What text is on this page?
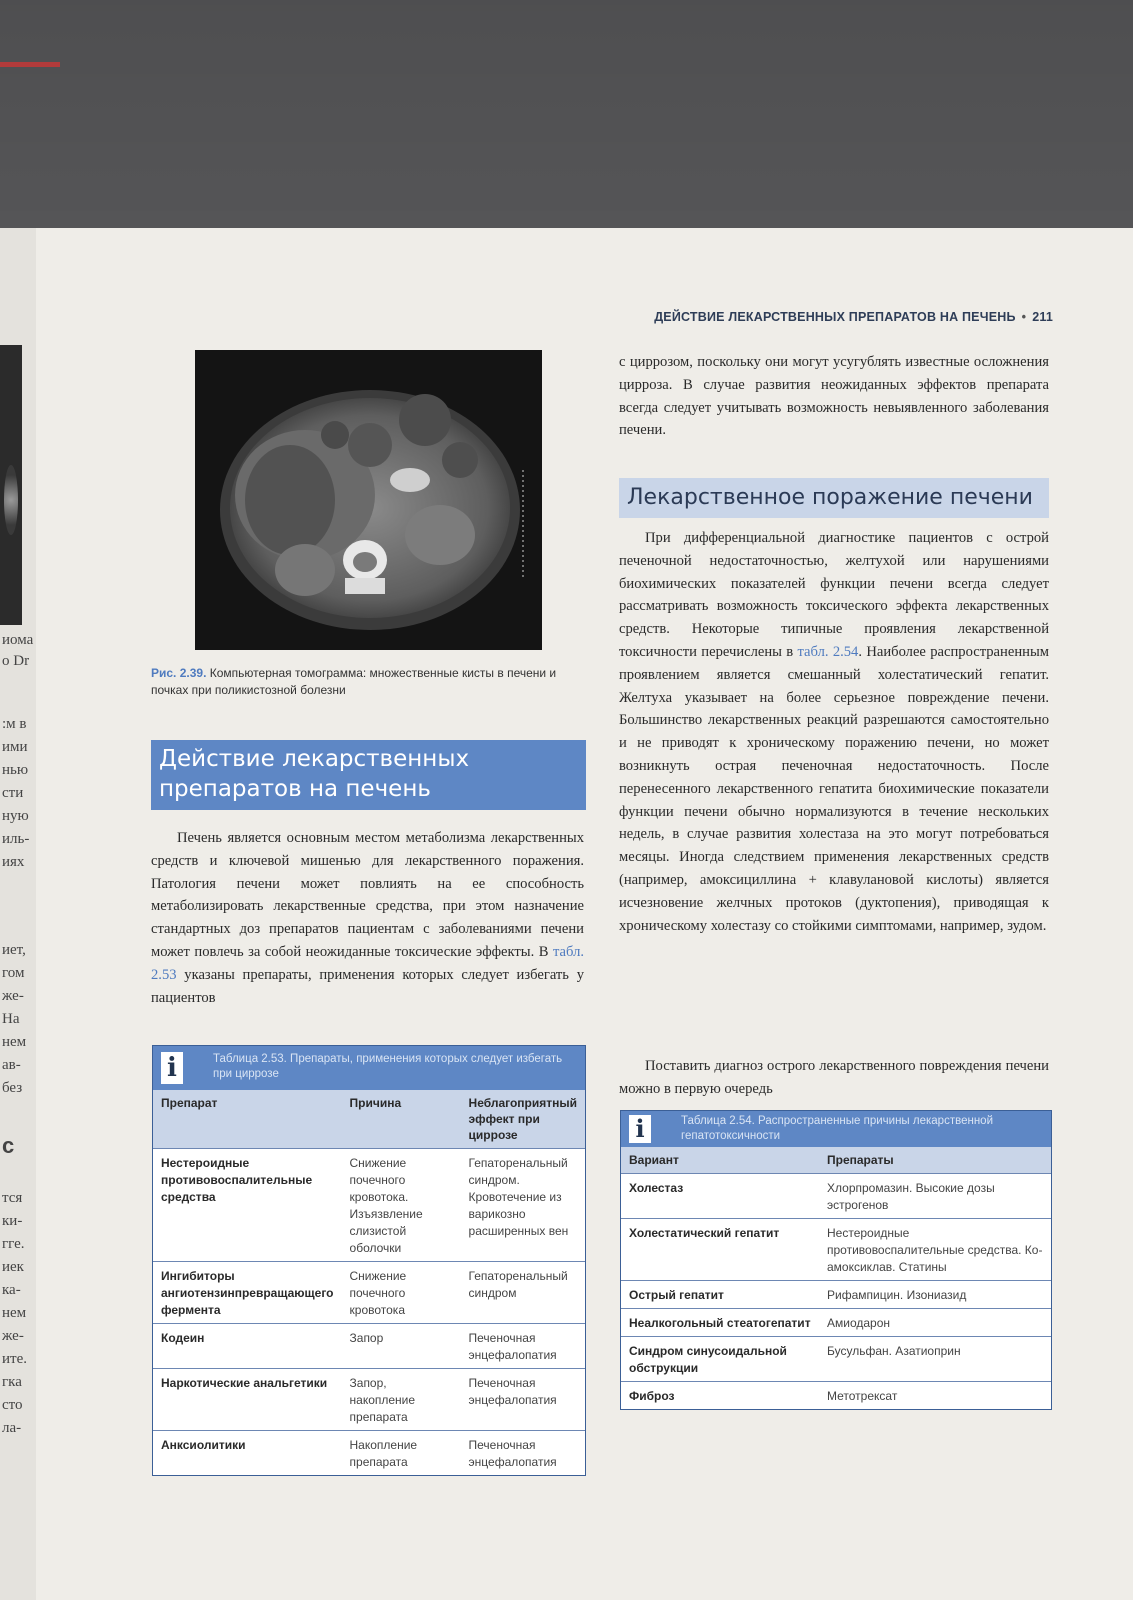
иома
o Dr
:м в
ими
нью
сти
ную
иль-
иях
иет,
гом
же-
На
нем
ав-
без
с
тся
ки-
гге.
иек
ка-
нем
же-
ите.
гка
сто
ла-
ДЕЙСТВИЕ ЛЕКАРСТВЕННЫХ ПРЕПАРАТОВ НА ПЕЧЕНЬ • 211
Рис. 2.39. Компьютерная томограмма: множественные кисты в печени и почках при поликистозной болезни
Действие лекарственных препаратов на печень
Печень является основным местом метаболизма лекарственных средств и ключевой мишенью для лекарственного поражения. Патология печени может повлиять на ее способность метаболизировать лекарственные средства, при этом назначение стандартных доз препаратов пациентам с заболеваниями печени может повлечь за собой неожиданные токсические эффекты. В табл. 2.53 указаны препараты, применения которых следует избегать у пациентов
i	Таблица 2.53. Препараты, применения которых следует избегать при циррозе
Препарат	Причина	Неблагоприятный эффект при циррозе
Нестероидные противовоспалительные средства	Снижение почечного кровотока. Изъязвление слизистой оболочки	Гепаторенальный синдром. Кровотечение из варикозно расширенных вен
Ингибиторы ангиотензинпревращающего фермента	Снижение почечного кровотока	Гепаторенальный синдром
Кодеин	Запор	Печеночная энцефалопатия
Наркотические анальгетики	Запор, накопление препарата	Печеночная энцефалопатия
Анксиолитики	Накопление препарата	Печеночная энцефалопатия
с циррозом, поскольку они могут усугублять известные осложнения цирроза. В случае развития неожиданных эффектов препарата всегда следует учитывать возможность невыявленного заболевания печени.
Лекарственное поражение печени
При дифференциальной диагностике пациентов с острой печеночной недостаточностью, желтухой или нарушениями биохимических показателей функции печени всегда следует рассматривать возможность токсического эффекта лекарственных средств. Некоторые типичные проявления лекарственной токсичности перечислены в табл. 2.54. Наиболее распространенным проявлением является смешанный холестатический гепатит. Желтуха указывает на более серьезное повреждение печени. Большинство лекарственных реакций разрешаются самостоятельно и не приводят к хроническому поражению печени, но может возникнуть острая печеночная недостаточность. После перенесенного лекарственного гепатита биохимические показатели функции печени обычно нормализуются в течение нескольких недель, в случае развития холестаза на это могут потребоваться месяцы. Иногда следствием применения лекарственных средств (например, амоксициллина + клавулановой кислоты) является исчезновение желчных протоков (дуктопения), приводящая к хроническому холестазу со стойкими симптомами, например, зудом.
Поставить диагноз острого лекарственного повреждения печени можно в первую очередь
i	Таблица 2.54. Распространенные причины лекарственной гепатотоксичности
Вариант	Препараты
Холестаз	Хлорпромазин. Высокие дозы эстрогенов
Холестатический гепатит	Нестероидные противовоспалительные средства. Ко-амоксиклав. Статины
Острый гепатит	Рифампицин. Изониазид
Неалкогольный стеатогепатит	Амиодарон
Синдром синусоидальной обструкции	Бусульфан. Азатиоприн
Фиброз	Метотрексат
